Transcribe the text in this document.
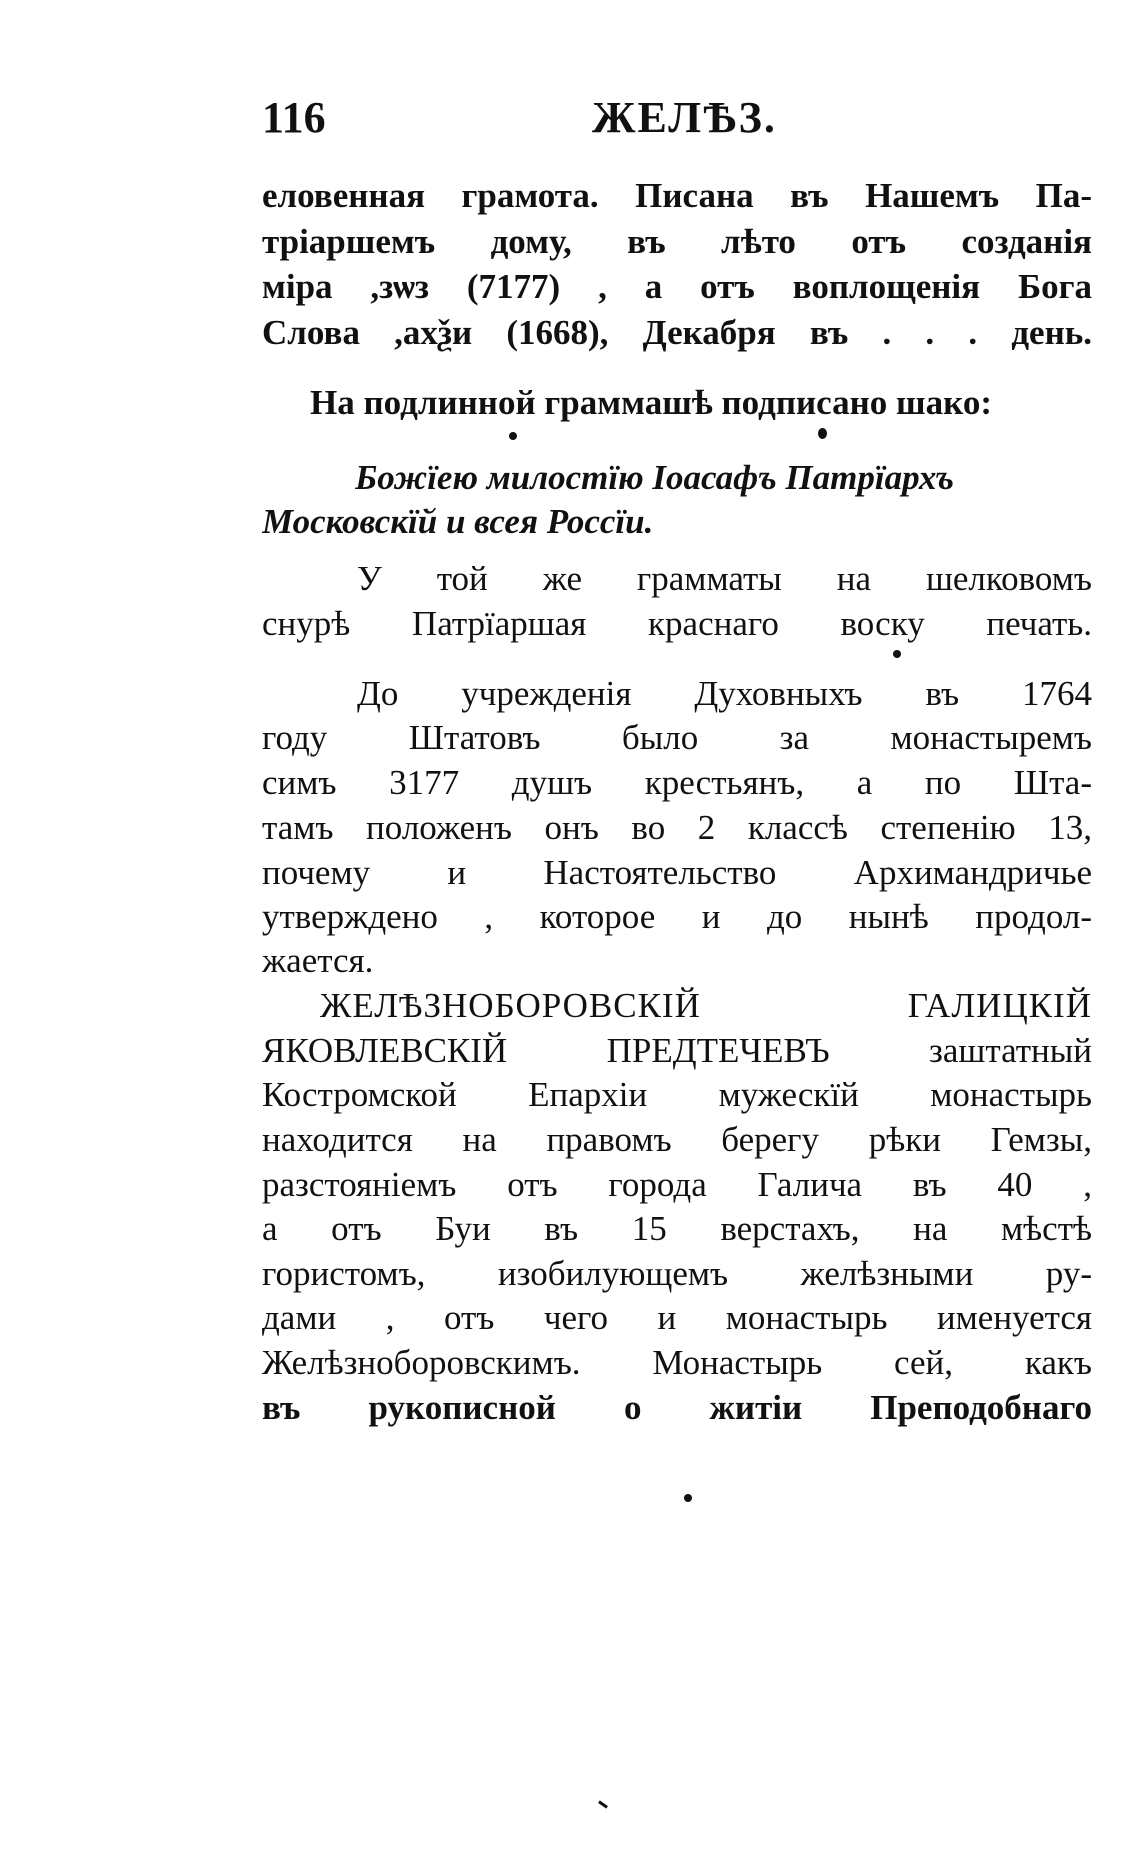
116	ЖЕЛѢЗ.
еловенная грамота. Писана въ Нашемъ Па-
тріаршемъ дому, въ лѣто отъ созданія
міра ,зѡз (7177) , а отъ воплощенія Бога
Слова ,ахѯи (1668), Декабря въ . . . день.
На подлинной граммашѣ подписано шако:
Божїею милостїю Іоасафъ Патрїархъ
Московскїй и всея Россїи.
У той же грамматы на шелковомъ
снурѣ Патрїаршая краснаго воску печать.
До учрежденія Духовныхъ въ 1764
году Штатовъ было за монастыремъ
симъ 3177 душъ крестьянъ, а по Шта-
тамъ положенъ онъ во 2 классѣ степенію 13,
почему и Настоятельство Архимандричье
утверждено , которое и до нынѣ продол-
жается.
ЖЕЛѢЗНОБОРОВСКIЙ ГАЛИЦКIЙ
ЯКОВЛЕВСКIЙ ПРЕДТЕЧЕВЪ заштатный
Костромской Епархіи мужескїй монастырь
находится на правомъ берегу рѣки Гемзы,
разстояніемъ отъ города Галича въ 40 ,
а отъ Буи въ 15 верстахъ, на мѣстѣ
гористомъ, изобилующемъ желѣзными ру-
дами , отъ чего и монастырь именуется
Желѣзноборовскимъ. Монастырь сей, какъ
въ рукописной о житіи Преподобнаго
